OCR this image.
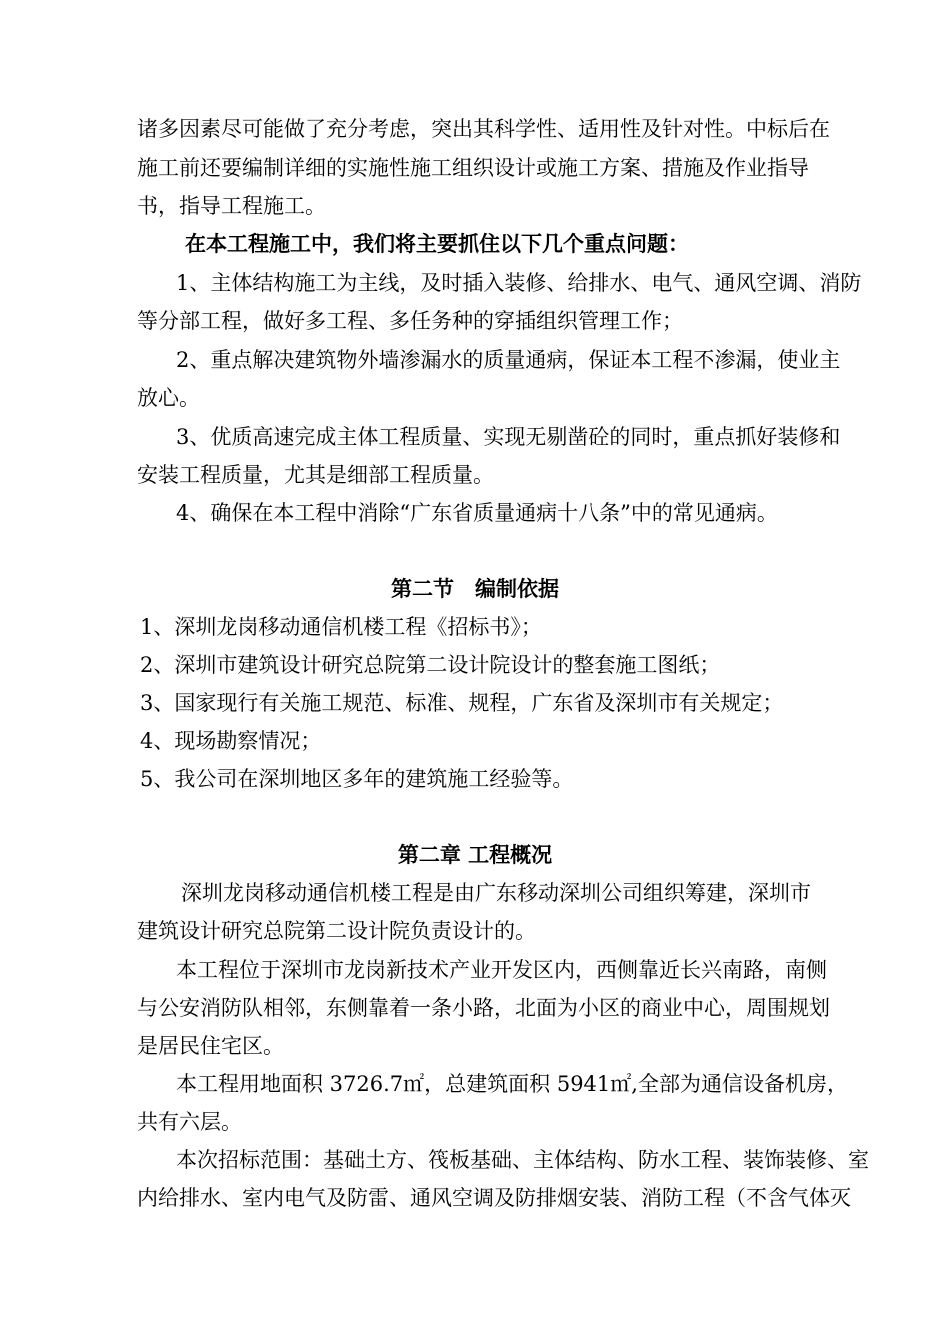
诸多因素尽可能做了充分考虑，突出其科学性、适用性及针对性。中标后在

施工前还要编制详细的实施性施工组织设计或施工方案、措施及作业指导

书，指导工程施工。

在本工程施工中，我们将主要抓住以下几个重点问题：

1、主体结构施工为主线，及时插入装修、给排水、电气、通风空调、消防

等分部工程，做好多工程、多任务种的穿插组织管理工作；

2、重点解决建筑物外墙渗漏水的质量通病，保证本工程不渗漏，使业主

放心。

3、优质高速完成主体工程质量、实现无剔凿砼的同时，重点抓好装修和

安装工程质量，尤其是细部工程质量。

4、确保在本工程中消除“广东省质量通病十八条”中的常见通病。

第二节　编制依据

1、深圳龙岗移动通信机楼工程《招标书》；

2、深圳市建筑设计研究总院第二设计院设计的整套施工图纸；

3、国家现行有关施工规范、标准、规程，广东省及深圳市有关规定；

4、现场勘察情况；

5、我公司在深圳地区多年的建筑施工经验等。

第二章 工程概况

深圳龙岗移动通信机楼工程是由广东移动深圳公司组织筹建，深圳市

建筑设计研究总院第二设计院负责设计的。

本工程位于深圳市龙岗新技术产业开发区内，西侧靠近长兴南路，南侧

与公安消防队相邻，东侧靠着一条小路，北面为小区的商业中心，周围规划

是居民住宅区。

本工程用地面积 3726.7㎡，总建筑面积 5941㎡,全部为通信设备机房，

共有六层。

本次招标范围：基础土方、筏板基础、主体结构、防水工程、装饰装修、室

内给排水、室内电气及防雷、通风空调及防排烟安装、消防工程（不含气体灭
